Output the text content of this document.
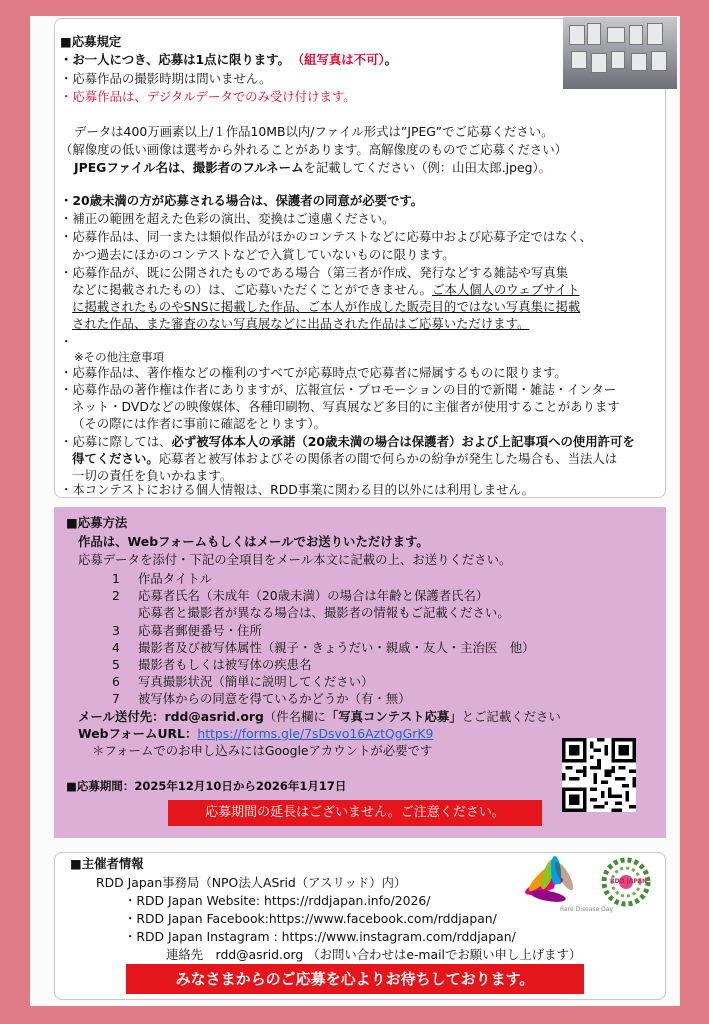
■応募規定
・お一人につき、応募は1点に限ります。 （組写真は不可）。
・応募作品の撮影時期は問いません。
・応募作品は、デジタルデータでのみ受け付けます。
データは400万画素以上/１作品10MB以内/ファイル形式は”JPEG”でご応募ください。
（解像度の低い画像は選考から外れることがあります。高解像度のものでご応募ください）
JPEGファイル名は、撮影者のフルネームを記載してください（例：山田太郎.jpeg）。
・20歳未満の方が応募される場合は、保護者の同意が必要です。
・補正の範囲を超えた色彩の演出、変換はご遠慮ください。
・応募作品は、同一または類似作品がほかのコンテストなどに応募中および応募予定ではなく、
かつ過去にほかのコンテストなどで入賞していないものに限ります。
・応募作品が、既に公開されたものである場合（第三者が作成、発行などする雑誌や写真集
などに掲載されたもの）は、ご応募いただくことができません。ご本人個人のウェブサイト
に掲載されたものやSNSに掲載した作品、ご本人が作成した販売目的ではない写真集に掲載
された作品、また審査のない写真展などに出品された作品はご応募いただけます。
・
※その他注意事項
・応募作品は、著作権などの権利のすべてが応募時点で応募者に帰属するものに限ります。
・応募作品の著作権は作者にありますが、広報宣伝・プロモーションの目的で新聞・雑誌・インター
ネット・DVDなどの映像媒体、各種印刷物、写真展など多目的に主催者が使用することがあります
（その際には作者に事前に確認をとります）。
・応募に際しては、必ず被写体本人の承諾（20歳未満の場合は保護者）および上記事項への使用許可を
得てください。応募者と被写体およびその関係者の間で何らかの紛争が発生した場合も、当法人は
一切の責任を負いかねます。
・本コンテストにおける個人情報は、RDD事業に関わる目的以外には利用しません。
■応募方法
作品は、Webフォームもしくはメールでお送りいただけます。
応募データを添付・下記の全項目をメール本文に記載の上、お送りください。
1 作品タイトル
2 応募者氏名（未成年（20歳未満）の場合は年齢と保護者氏名）
応募者と撮影者が異なる場合は、撮影者の情報もご記載ください。
3 応募者郵便番号・住所
4 撮影者及び被写体属性（親子・きょうだい・親戚・友人・主治医　他）
5 撮影者もしくは被写体の疾患名
6 写真撮影状況（簡単に説明してください）
7 被写体からの同意を得ているかどうか（有・無）
メール送付先：rdd@asrid.org（件名欄に「写真コンテスト応募」とご記載ください
WebフォームURL：https://forms.gle/7sDsvo16AztQgGrK9
＊フォームでのお申し込みにはGoogleアカウントが必要です
■応募期間：2025年12月10日から2026年1月17日
応募期間の延長はございません。ご注意ください。
■主催者情報
RDD Japan事務局（NPO法人ASrid（アスリッド）内）
・RDD Japan Website: https://rddjapan.info/2026/
・RDD Japan Facebook:https://www.facebook.com/rddjapan/
・RDD Japan Instagram : https://www.instagram.com/rddjapan/
連絡先　rdd@asrid.org （お問い合わせはe-mailでお願い申し上げます）
Rare Disease Day
RDD JAPAN
みなさまからのご応募を心よりお待ちしております。
